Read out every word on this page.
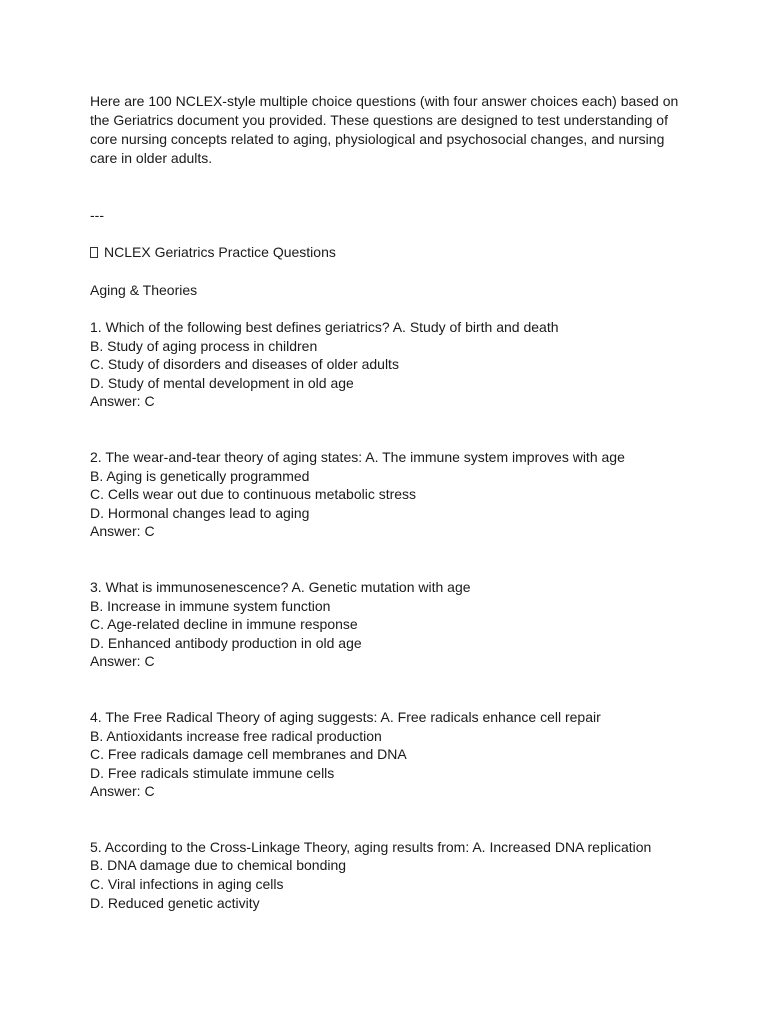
Here are 100 NCLEX-style multiple choice questions (with four answer choices each) based on the Geriatrics document you provided. These questions are designed to test understanding of core nursing concepts related to aging, physiological and psychosocial changes, and nursing care in older adults.

---
NCLEX Geriatrics Practice Questions
Aging & Theories
1. Which of the following best defines geriatrics? A. Study of birth and death
B. Study of aging process in children
C. Study of disorders and diseases of older adults
D. Study of mental development in old age
Answer: C
2. The wear-and-tear theory of aging states: A. The immune system improves with age
B. Aging is genetically programmed
C. Cells wear out due to continuous metabolic stress
D. Hormonal changes lead to aging
Answer: C
3. What is immunosenescence? A. Genetic mutation with age
B. Increase in immune system function
C. Age-related decline in immune response
D. Enhanced antibody production in old age
Answer: C
4. The Free Radical Theory of aging suggests: A. Free radicals enhance cell repair
B. Antioxidants increase free radical production
C. Free radicals damage cell membranes and DNA
D. Free radicals stimulate immune cells
Answer: C
5. According to the Cross-Linkage Theory, aging results from: A. Increased DNA replication
B. DNA damage due to chemical bonding
C. Viral infections in aging cells
D. Reduced genetic activity
